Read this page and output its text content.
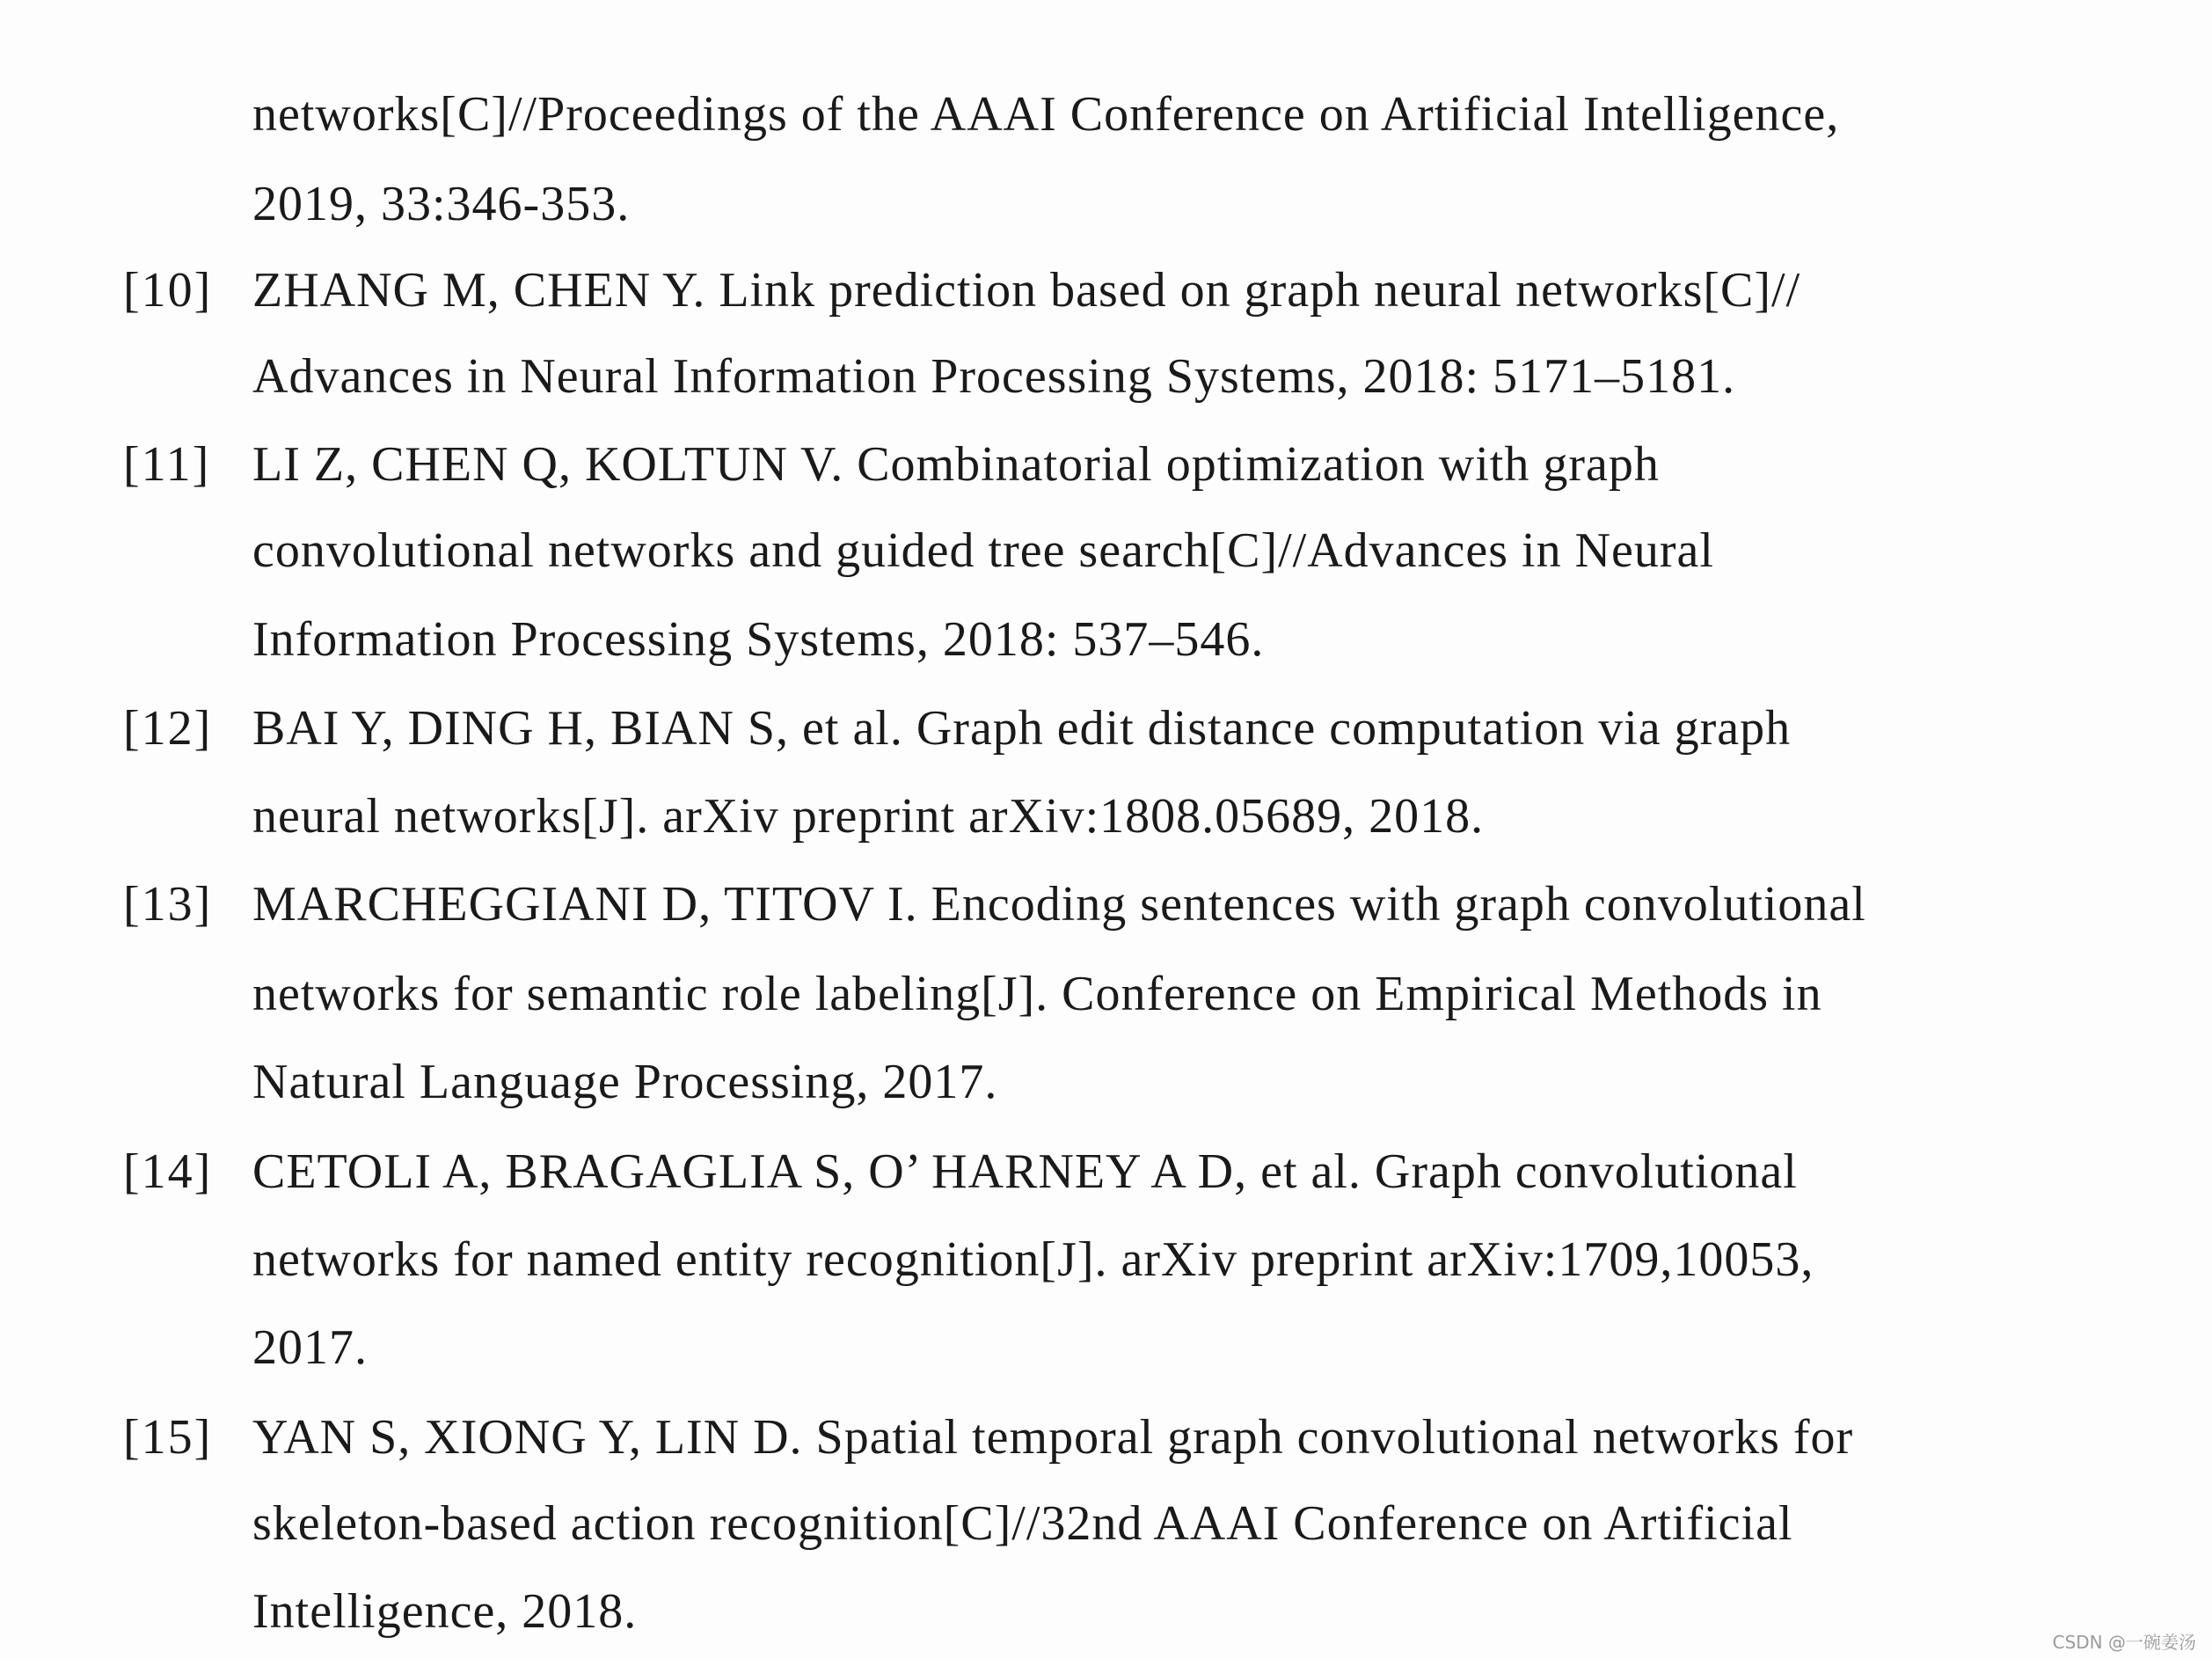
networks[C]//Proceedings of the AAAI Conference on Artificial Intelligence,
2019, 33:346-353.
[10] ZHANG M, CHEN Y. Link prediction based on graph neural networks[C]//
Advances in Neural Information Processing Systems, 2018: 5171–5181.
[11] LI Z, CHEN Q, KOLTUN V. Combinatorial optimization with graph
convolutional networks and guided tree search[C]//Advances in Neural
Information Processing Systems, 2018: 537–546.
[12] BAI Y, DING H, BIAN S, et al. Graph edit distance computation via graph
neural networks[J]. arXiv preprint arXiv:1808.05689, 2018.
[13] MARCHEGGIANI D, TITOV I. Encoding sentences with graph convolutional
networks for semantic role labeling[J]. Conference on Empirical Methods in
Natural Language Processing, 2017.
[14] CETOLI A, BRAGAGLIA S, O’ HARNEY A D, et al. Graph convolutional
networks for named entity recognition[J]. arXiv preprint arXiv:1709,10053,
2017.
[15] YAN S, XIONG Y, LIN D. Spatial temporal graph convolutional networks for
skeleton-based action recognition[C]//32nd AAAI Conference on Artificial
Intelligence, 2018.
CSDN @一碗姜汤
